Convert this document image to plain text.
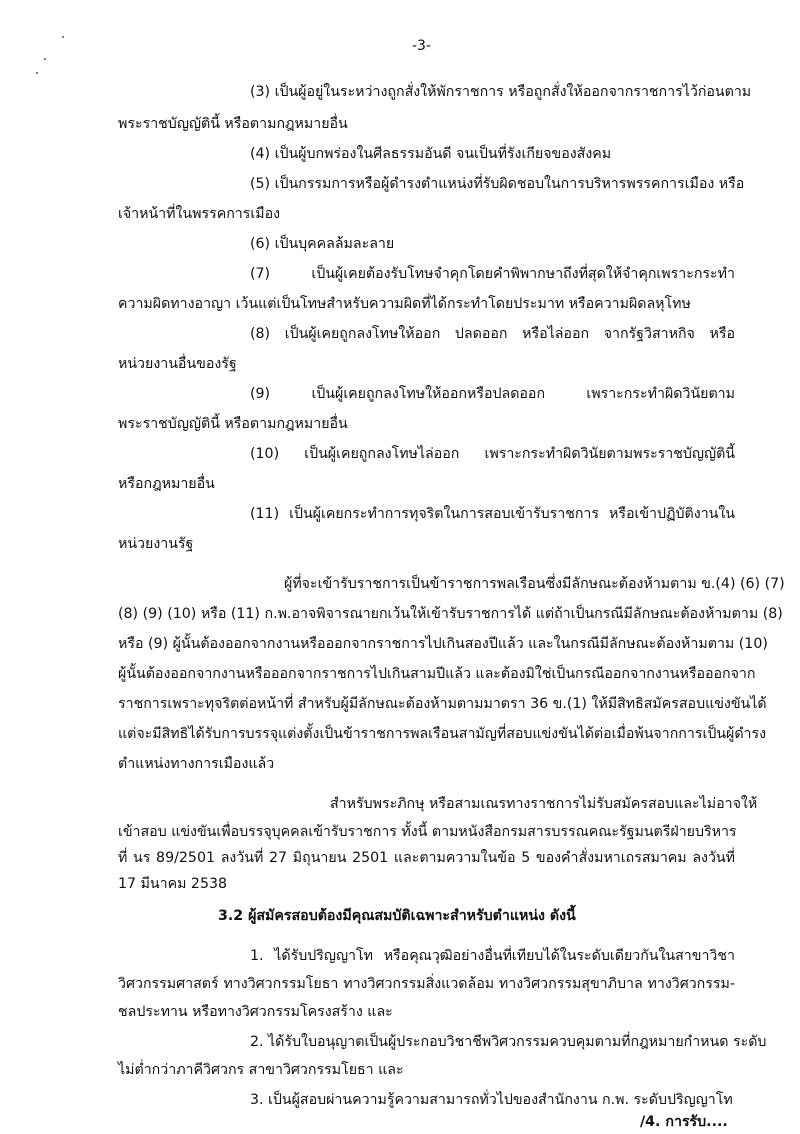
-3-
(3) เป็นผู้อยู่ในระหว่างถูกสั่งให้พักราชการ หรือถูกสั่งให้ออกจากราชการไว้ก่อนตาม
พระราชบัญญัตินี้ หรือตามกฎหมายอื่น
(4) เป็นผู้บกพร่องในศีลธรรมอันดี จนเป็นที่รังเกียจของสังคม
(5) เป็นกรรมการหรือผู้ดำรงตำแหน่งที่รับผิดชอบในการบริหารพรรคการเมือง หรือ
เจ้าหน้าที่ในพรรคการเมือง
(6) เป็นบุคคลล้มละลาย
(7) เป็นผู้เคยต้องรับโทษจำคุกโดยคำพิพากษาถึงที่สุดให้จำคุกเพราะกระทำ
ความผิดทางอาญา เว้นแต่เป็นโทษสำหรับความผิดที่ได้กระทำโดยประมาท หรือความผิดลหุโทษ
(8) เป็นผู้เคยถูกลงโทษให้ออก ปลดออก หรือไล่ออก จากรัฐวิสาหกิจ หรือ
หน่วยงานอื่นของรัฐ
(9) เป็นผู้เคยถูกลงโทษให้ออกหรือปลดออก เพราะกระทำผิดวินัยตาม
พระราชบัญญัตินี้ หรือตามกฎหมายอื่น
(10) เป็นผู้เคยถูกลงโทษไล่ออก เพราะกระทำผิดวินัยตามพระราชบัญญัตินี้
หรือกฎหมายอื่น
(11) เป็นผู้เคยกระทำการทุจริตในการสอบเข้ารับราชการ หรือเข้าปฏิบัติงานใน
หน่วยงานรัฐ
ผู้ที่จะเข้ารับราชการเป็นข้าราชการพลเรือนซึ่งมีลักษณะต้องห้ามตาม ข.(4) (6) (7)
(8) (9) (10) หรือ (11) ก.พ.อาจพิจารณายกเว้นให้เข้ารับราชการได้ แต่ถ้าเป็นกรณีมีลักษณะต้องห้ามตาม (8)
หรือ (9) ผู้นั้นต้องออกจากงานหรือออกจากราชการไปเกินสองปีแล้ว และในกรณีมีลักษณะต้องห้ามตาม (10)
ผู้นั้นต้องออกจากงานหรือออกจากราชการไปเกินสามปีแล้ว และต้องมิใช่เป็นกรณีออกจากงานหรือออกจาก
ราชการเพราะทุจริตต่อหน้าที่ สำหรับผู้มีลักษณะต้องห้ามตามมาตรา 36 ข.(1) ให้มีสิทธิสมัครสอบแข่งขันได้
แต่จะมีสิทธิได้รับการบรรจุแต่งตั้งเป็นข้าราชการพลเรือนสามัญที่สอบแข่งขันได้ต่อเมื่อพ้นจากการเป็นผู้ดำรง
ตำแหน่งทางการเมืองแล้ว
สำหรับพระภิกษุ หรือสามเณรทางราชการไม่รับสมัครสอบและไม่อาจให้
เข้าสอบ แข่งขันเพื่อบรรจุบุคคลเข้ารับราชการ ทั้งนี้ ตามหนังสือกรมสารบรรณคณะรัฐมนตรีฝ่ายบริหาร
ที่ นร 89/2501 ลงวันที่ 27 มิถุนายน 2501 และตามความในข้อ 5 ของคำสั่งมหาเถรสมาคม ลงวันที่
17 มีนาคม 2538
3.2 ผู้สมัครสอบต้องมีคุณสมบัติเฉพาะสำหรับตำแหน่ง ดังนี้
1. ได้รับปริญญาโท หรือคุณวุฒิอย่างอื่นที่เทียบได้ในระดับเดียวกันในสาขาวิชา
วิศวกรรมศาสตร์ ทางวิศวกรรมโยธา ทางวิศวกรรมสิ่งแวดล้อม ทางวิศวกรรมสุขาภิบาล ทางวิศวกรรม-
ชลประทาน หรือทางวิศวกรรมโครงสร้าง และ
2. ได้รับใบอนุญาตเป็นผู้ประกอบวิชาชีพวิศวกรรมควบคุมตามที่กฎหมายกำหนด ระดับ
ไม่ต่ำกว่าภาคีวิศวกร สาขาวิศวกรรมโยธา และ
3. เป็นผู้สอบผ่านความรู้ความสามารถทั่วไปของสำนักงาน ก.พ. ระดับปริญญาโท
/4. การรับ....
